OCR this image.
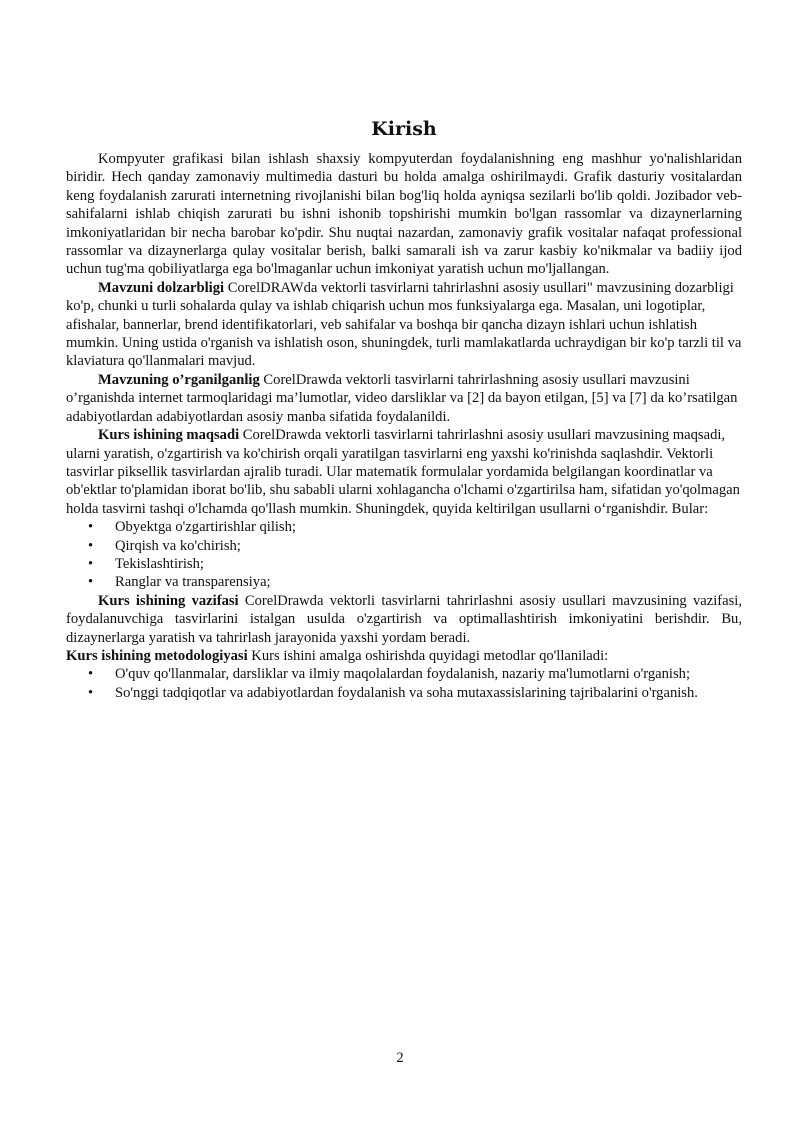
Kirish

Kompyuter grafikasi bilan ishlash shaxsiy kompyuterdan foydalanishning eng mashhur yo'nalishlaridan biridir. Hech qanday zamonaviy multimedia dasturi bu holda amalga oshirilmaydi. Grafik dasturiy vositalardan keng foydalanish zarurati internetning rivojlanishi bilan bog'liq holda ayniqsa sezilarli bo'lib qoldi. Jozibador veb-sahifalarni ishlab chiqish zarurati bu ishni ishonib topshirishi mumkin bo'lgan rassomlar va dizaynerlarning imkoniyatlaridan bir necha barobar ko'pdir. Shu nuqtai nazardan, zamonaviy grafik vositalar nafaqat professional rassomlar va dizaynerlarga qulay vositalar berish, balki samarali ish va zarur kasbiy ko'nikmalar va badiiy ijod uchun tug'ma qobiliyatlarga ega bo'lmaganlar uchun imkoniyat yaratish uchun mo'ljallangan.

Mavzuni dolzarbligi CorelDRAWda vektorli tasvirlarni tahrirlashni asosiy usullari" mavzusining dozarbligi ko'p, chunki u turli sohalarda qulay va ishlab chiqarish uchun mos funksiyalarga ega. Masalan, uni logotiplar, afishalar, bannerlar, brend identifikatorlari, veb sahifalar va boshqa bir qancha dizayn ishlari uchun ishlatish mumkin. Uning ustida o'rganish va ishlatish oson, shuningdek, turli mamlakatlarda uchraydigan bir ko'p tarzli til va klaviatura qo'llanmalari mavjud.

Mavzuning o’rganilganlig CorelDrawda vektorli tasvirlarni tahrirlashning asosiy usullari mavzusini o’rganishda internet tarmoqlaridagi ma’lumotlar, video darsliklar va [2] da bayon etilgan, [5] va [7] da ko’rsatilgan adabiyotlardan adabiyotlardan asosiy manba sifatida foydalanildi.

Kurs ishining maqsadi CorelDrawda vektorli tasvirlarni tahrirlashni asosiy usullari mavzusining maqsadi, ularni yaratish, o'zgartirish va ko'chirish orqali yaratilgan tasvirlarni eng yaxshi ko'rinishda saqlashdir. Vektorli tasvirlar piksellik tasvirlardan ajralib turadi. Ular matematik formulalar yordamida belgilangan koordinatlar va ob'ektlar to'plamidan iborat bo'lib, shu sababli ularni xohlagancha o'lchami o'zgartirilsa ham, sifatidan yo'qolmagan holda tasvirni tashqi o'lchamda qo'llash mumkin. Shuningdek, quyida keltirilgan usullarni o‘rganishdir. Bular:

• Obyektga o'zgartirishlar qilish;
• Qirqish va ko'chirish;
• Tekislashtirish;
• Ranglar va transparensiya;

Kurs ishining vazifasi CorelDrawda vektorli tasvirlarni tahrirlashni asosiy usullari mavzusining vazifasi, foydalanuvchiga tasvirlarini istalgan usulda o'zgartirish va optimallashtirish imkoniyatini berishdir. Bu, dizaynerlarga yaratish va tahrirlash jarayonida yaxshi yordam beradi.

Kurs ishining metodologiyasi Kurs ishini amalga oshirishda quyidagi metodlar qo'llaniladi:

• O'quv qo'llanmalar, darsliklar va ilmiy maqolalardan foydalanish, nazariy ma'lumotlarni o'rganish;
• So'nggi tadqiqotlar va adabiyotlardan foydalanish va soha mutaxassislarining tajribalarini o'rganish.
2
